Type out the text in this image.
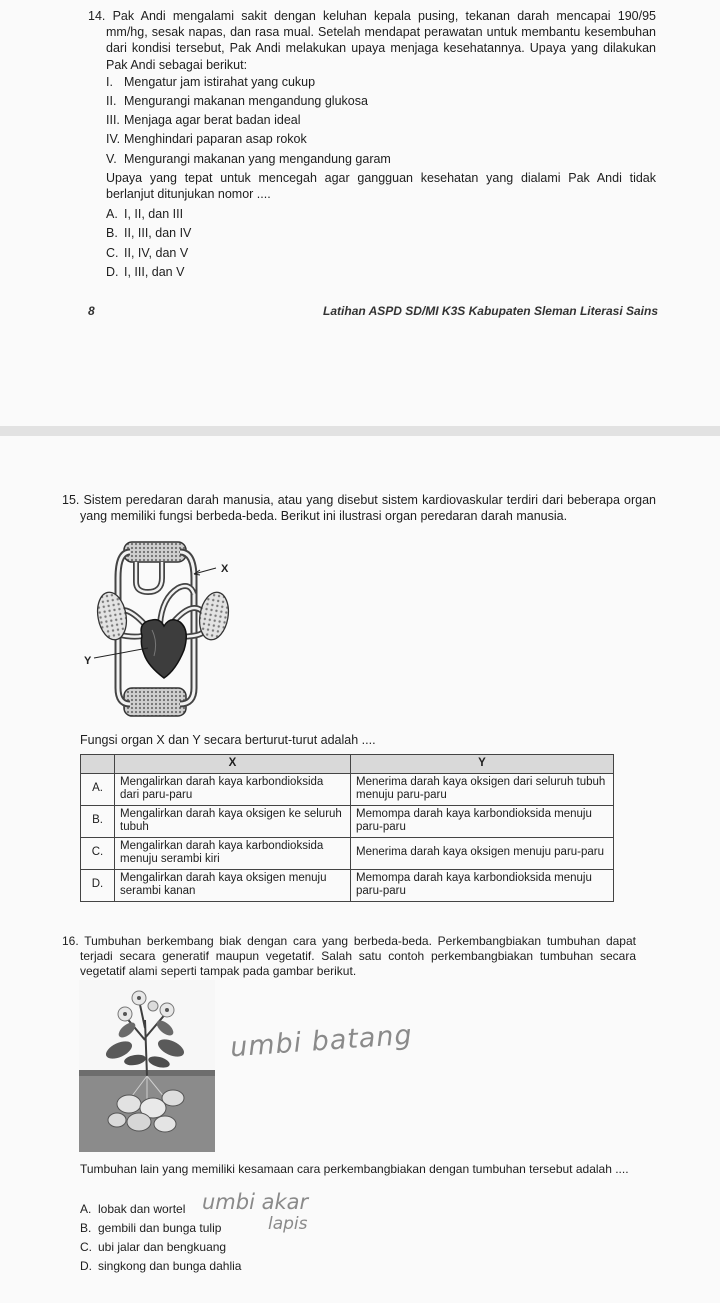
14. Pak Andi mengalami sakit dengan keluhan kepala pusing, tekanan darah mencapai 190/95 mm/hg, sesak napas, dan rasa mual. Setelah mendapat perawatan untuk membantu kesembuhan dari kondisi tersebut, Pak Andi melakukan upaya menjaga kesehatannya. Upaya yang dilakukan Pak Andi sebagai berikut:

I. Mengatur jam istirahat yang cukup
II. Mengurangi makanan mengandung glukosa
III. Menjaga agar berat badan ideal
IV. Menghindari paparan asap rokok
V. Mengurangi makanan yang mengandung garam

Upaya yang tepat untuk mencegah agar gangguan kesehatan yang dialami Pak Andi tidak berlanjut ditunjukan nomor ....

A. I, II, dan III
B. II, III, dan IV
C. II, IV, dan V
D. I, III, dan V
8	Latihan ASPD SD/MI K3S Kabupaten Sleman Literasi Sains

15. Sistem peredaran darah manusia, atau yang disebut sistem kardiovaskular terdiri dari beberapa organ yang memiliki fungsi berbeda-beda. Berikut ini ilustrasi organ peredaran darah manusia.

X
Y
Fungsi organ X dan Y secara berturut-turut adalah ....
	X	Y
A.	Mengalirkan darah kaya karbondioksida dari paru-paru	Menerima darah kaya oksigen dari seluruh tubuh menuju paru-paru
B.	Mengalirkan darah kaya oksigen ke seluruh tubuh	Memompa darah kaya karbondioksida menuju paru-paru
C.	Mengalirkan darah kaya karbondioksida menuju serambi kiri	Menerima darah kaya oksigen menuju paru-paru
D.	Mengalirkan darah kaya oksigen menuju serambi kanan	Memompa darah kaya karbondioksida menuju paru-paru

16. Tumbuhan berkembang biak dengan cara yang berbeda-beda. Perkembangbiakan tumbuhan dapat terjadi secara generatif maupun vegetatif. Salah satu contoh perkembangbiakan tumbuhan secara vegetatif alami seperti tampak pada gambar berikut.

umbi batang
Tumbuhan lain yang memiliki kesamaan cara perkembangbiakan dengan tumbuhan tersebut adalah ....
A. lobak dan wortel
B. gembili dan bunga tulip
C. ubi jalar dan bengkuang
D. singkong dan bunga dahlia
umbi akar
lapis
